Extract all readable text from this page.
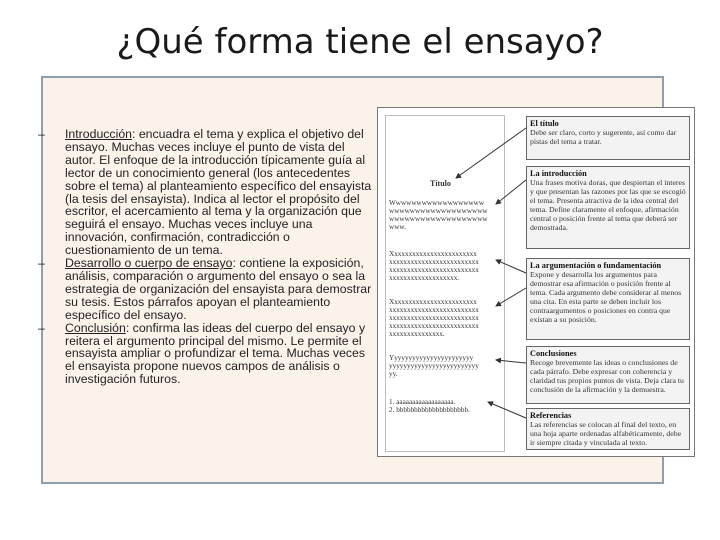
¿Qué forma tiene el ensayo?

– Introducción: encuadra el tema y explica el objetivo del ensayo. Muchas veces incluye el punto de vista del autor. El enfoque de la introducción típicamente guía al lector de un conocimiento general (los antecedentes sobre el tema) al planteamiento específico del ensayista (la tesis del ensayista). Indica al lector el propósito del escritor, el acercamiento al tema y la organización que seguirá el ensayo. Muchas veces incluye una innovación, confirmación, contradicción o cuestionamiento de un tema.

– Desarrollo o cuerpo de ensayo: contiene la exposición, análisis, comparación o argumento del ensayo o sea la estrategia de organización del ensayista para demostrar su tesis. Estos párrafos apoyan el planteamiento específico del ensayo.

– Conclusión: confirma las ideas del cuerpo del ensayo y reitera el argumento principal del mismo. Le permite el ensayista ampliar o profundizar el tema. Muchas veces el ensayista propone nuevos campos de análisis o investigación futuros.

Título
Wwwwwwwwwwwwwwwwww
wwwwwwwwwwwwwwwwwww
wwwwwwwwwwwwwwwwwww
www.
Xxxxxxxxxxxxxxxxxxxxxxxx
xxxxxxxxxxxxxxxxxxxxxxxxx
xxxxxxxxxxxxxxxxxxxxxxxxx
xxxxxxxxxxxxxxxxxxx.
Xxxxxxxxxxxxxxxxxxxxxxxx
xxxxxxxxxxxxxxxxxxxxxxxxx
xxxxxxxxxxxxxxxxxxxxxxxxx
xxxxxxxxxxxxxxxxxxxxxxxxx
xxxxxxxxxxxxxxx.
Yyyyyyyyyyyyyyyyyyyyyyy
yyyyyyyyyyyyyyyyyyyyyyyyy
yy.
1. aaaaaaaaaaaaaaaaaa.
2. bbbbbbbbbbbbbbbbbbbb.
El título
Debe ser claro, corto y sugerente, así como dar pistas del tema a tratar.
La introducción
Una frases motiva doras, que despiertan el interes y que presentan las razones por las que se escogió el tema. Presenta atractiva de la idea central del tema. Define claramente el enfoque, afirmación central o posición frente al tema que deberá ser demostrada.
La argumentación o fundamentación
Expone y desarrolla los argumentos para demostrar esa afirmación o posición frente al tema. Cada argumento debe considerar al menos una cita. En esta parte se deben incluir los contraargumentos o posiciones en contra que existan a su posición.
Conclusiones
Recoge brevemente las ideas o conclusiones de cada párrafo. Debe expresar con coherencia y claridad tus propios puntos de vista. Deja clara tu conclusión de la afirmación y la demuestra.
Referencias
Las referencias se colocan al final del texto, en una hoja aparte ordenadas alfabéticamente, debe ir siempre citada y vinculada al texto.
